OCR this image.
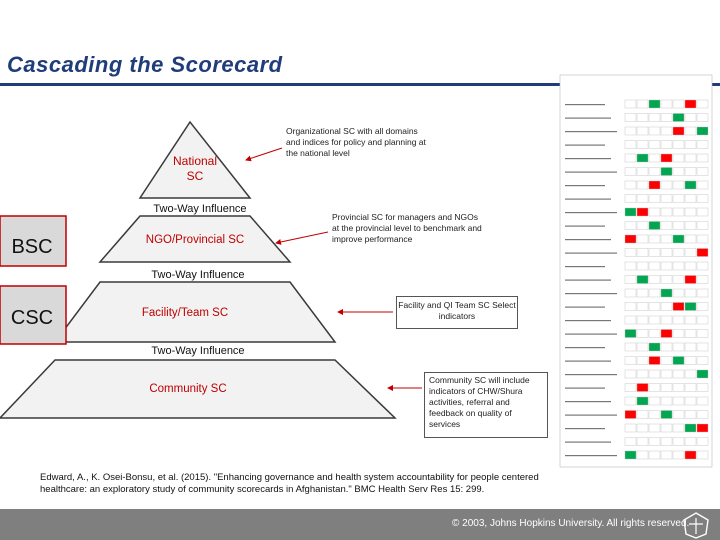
Cascading the Scorecard
National
SC
Two-Way Influence
NGO/Provincial SC
Two-Way Influence
Facility/Team SC
Two-Way Influence
Community SC
BSC
CSC
Organizational SC with all domains and indices for policy and planning at the national level
Provincial SC for managers and NGOs at the provincial level to benchmark and improve performance
Facility and QI Team SC Select indicators
Community SC will include indicators of CHW/Shura activities, referral and feedback on quality of services
Edward, A., K. Osei-Bonsu, et al. (2015). "Enhancing governance and health system accountability for people centered healthcare: an exploratory study of community scorecards in Afghanistan." BMC Health Serv Res 15: 299.
© 2003, Johns Hopkins University. All rights reserved.
